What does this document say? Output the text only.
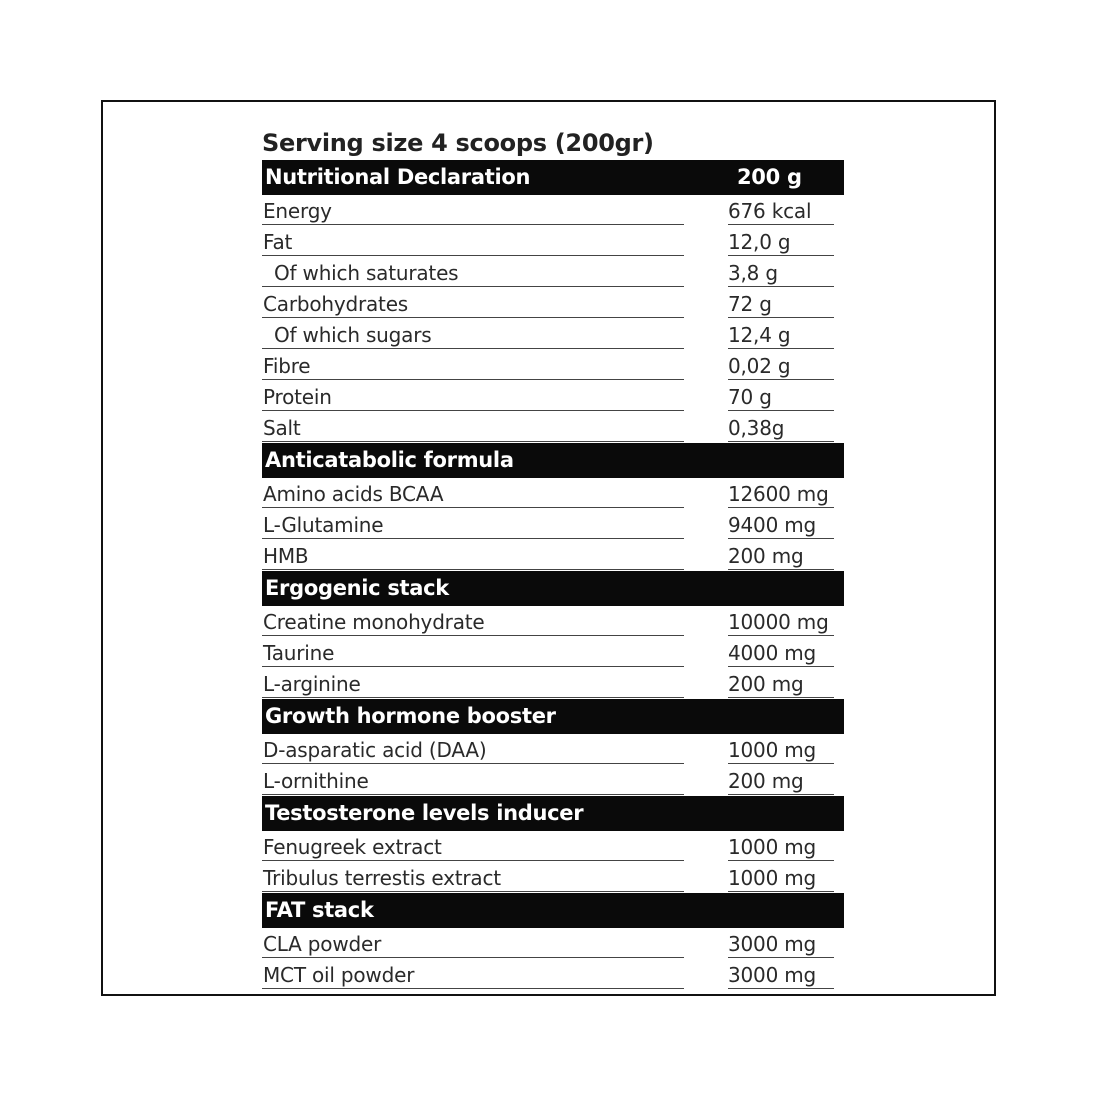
Serving size 4 scoops (200gr)
Nutritional Declaration	200 g
Energy	676 kcal
Fat	12,0 g
Of which saturates	3,8 g
Carbohydrates	72 g
Of which sugars	12,4 g
Fibre	0,02 g
Protein	70 g
Salt	0,38g
Anticatabolic formula
Amino acids BCAA	12600 mg
L-Glutamine	9400 mg
HMB	200 mg
Ergogenic stack
Creatine monohydrate	10000 mg
Taurine	4000 mg
L-arginine	200 mg
Growth hormone booster
D-asparatic acid (DAA)	1000 mg
L-ornithine	200 mg
Testosterone levels inducer
Fenugreek extract	1000 mg
Tribulus terrestis extract	1000 mg
FAT stack
CLA powder	3000 mg
MCT oil powder	3000 mg
